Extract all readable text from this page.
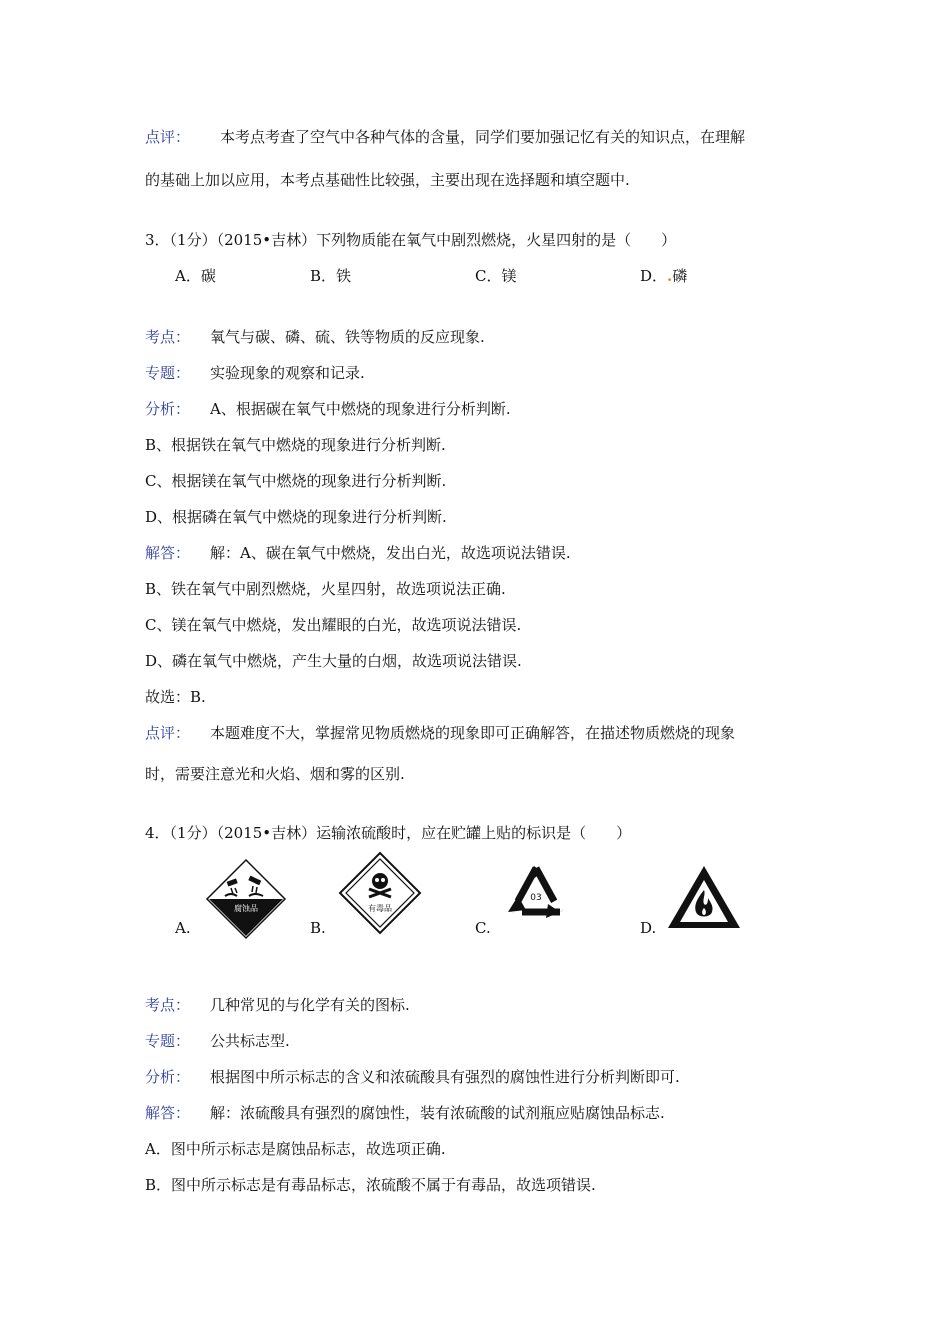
点评： 本考点考查了空气中各种气体的含量，同学们要加强记忆有关的知识点，在理解
的基础上加以应用，本考点基础性比较强，主要出现在选择题和填空题中.
3．（1分）（2015•吉林）下列物质能在氧气中剧烈燃烧，火星四射的是（　　）
A．碳	B．铁	C．镁	D．.磷
考点： 氧气与碳、磷、硫、铁等物质的反应现象.
专题： 实验现象的观察和记录.
分析： A、根据碳在氧气中燃烧的现象进行分析判断.
B、根据铁在氧气中燃烧的现象进行分析判断.
C、根据镁在氧气中燃烧的现象进行分析判断.
D、根据磷在氧气中燃烧的现象进行分析判断.
解答： 解：A、碳在氧气中燃烧，发出白光，故选项说法错误.
B、铁在氧气中剧烈燃烧，火星四射，故选项说法正确.
C、镁在氧气中燃烧，发出耀眼的白光，故选项说法错误.
D、磷在氧气中燃烧，产生大量的白烟，故选项说法错误.
故选：B.
点评： 本题难度不大，掌握常见物质燃烧的现象即可正确解答，在描述物质燃烧的现象
时，需要注意光和火焰、烟和雾的区别.
4．（1分）（2015•吉林）运输浓硫酸时，应在贮罐上贴的标识是（　　）
腐蚀品	有毒品
03
A.	B.	C.	D.
考点： 几种常见的与化学有关的图标.
专题： 公共标志型.
分析： 根据图中所示标志的含义和浓硫酸具有强烈的腐蚀性进行分析判断即可.
解答： 解：浓硫酸具有强烈的腐蚀性，装有浓硫酸的试剂瓶应贴腐蚀品标志.
A．图中所示标志是腐蚀品标志，故选项正确.
B．图中所示标志是有毒品标志，浓硫酸不属于有毒品，故选项错误.
